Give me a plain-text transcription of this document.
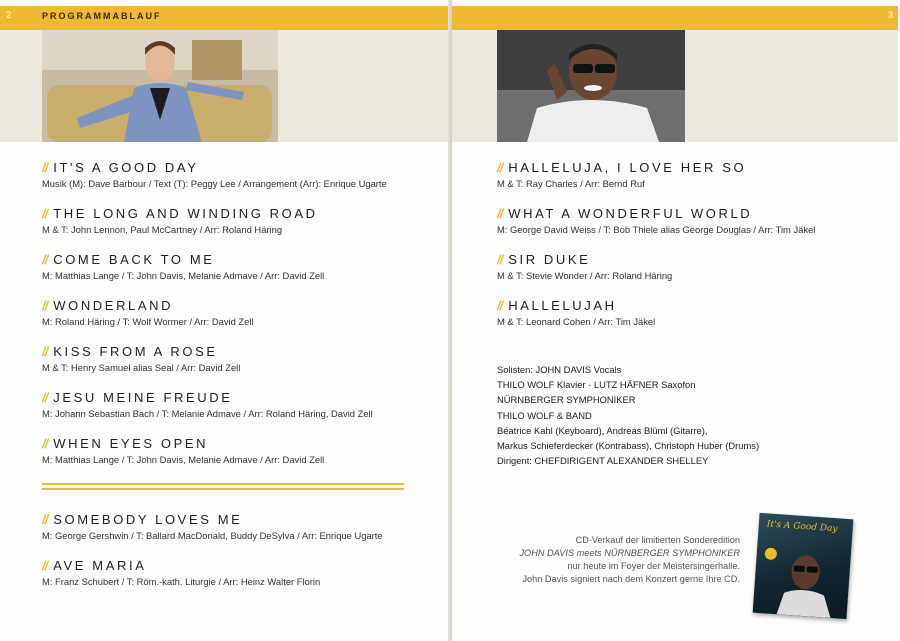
2	PROGRAMMABLAUF
// IT'S A GOOD DAY
Musik (M): Dave Barbour / Text (T): Peggy Lee / Arrangement (Arr): Enrique Ugarte
// THE LONG AND WINDING ROAD
M & T: John Lennon, Paul McCartney / Arr: Roland Häring
// COME BACK TO ME
M: Matthias Lange / T: John Davis, Melanie Admave / Arr: David Zell
// WONDERLAND
M: Roland Häring / T: Wolf Wormer / Arr: David Zell
// KISS FROM A ROSE
M & T: Henry Samuel alias Seal / Arr: David Zell
// JESU MEINE FREUDE
M: Johann Sebastian Bach / T: Melanie Admave / Arr: Roland Häring, David Zell
// WHEN EYES OPEN
M: Matthias Lange / T: John Davis, Melanie Admave / Arr: David Zell
// SOMEBODY LOVES ME
M: George Gershwin / T: Ballard MacDonald, Buddy DeSylva / Arr: Enrique Ugarte
// AVE MARIA
M: Franz Schubert / T: Röm.-kath. Liturgie / Arr: Heinz Walter Florin
3
// HALLELUJA, I LOVE HER SO
M & T: Ray Charles / Arr: Bernd Ruf
// WHAT A WONDERFUL WORLD
M: George David Weiss / T: Bob Thiele alias George Douglas / Arr: Tim Jäkel
// SIR DUKE
M & T: Stevie Wonder / Arr: Roland Häring
// HALLELUJAH
M & T: Leonard Cohen / Arr: Tim Jäkel
Solisten: JOHN DAVIS Vocals
THILO WOLF Klavier · LUTZ HÄFNER Saxofon
NÜRNBERGER SYMPHONIKER
THILO WOLF & BAND
Béatrice Kahl (Keyboard), Andreas Blüml (Gitarre),
Markus Schieferdecker (Kontrabass), Christoph Huber (Drums)
Dirigent: CHEFDIRIGENT ALEXANDER SHELLEY
CD-Verkauf der limitierten Sonderedition
JOHN DAVIS meets NÜRNBERGER SYMPHONIKER
nur heute im Foyer der Meistersingerhalle.
John Davis signiert nach dem Konzert gerne Ihre CD.
It's A Good Day
